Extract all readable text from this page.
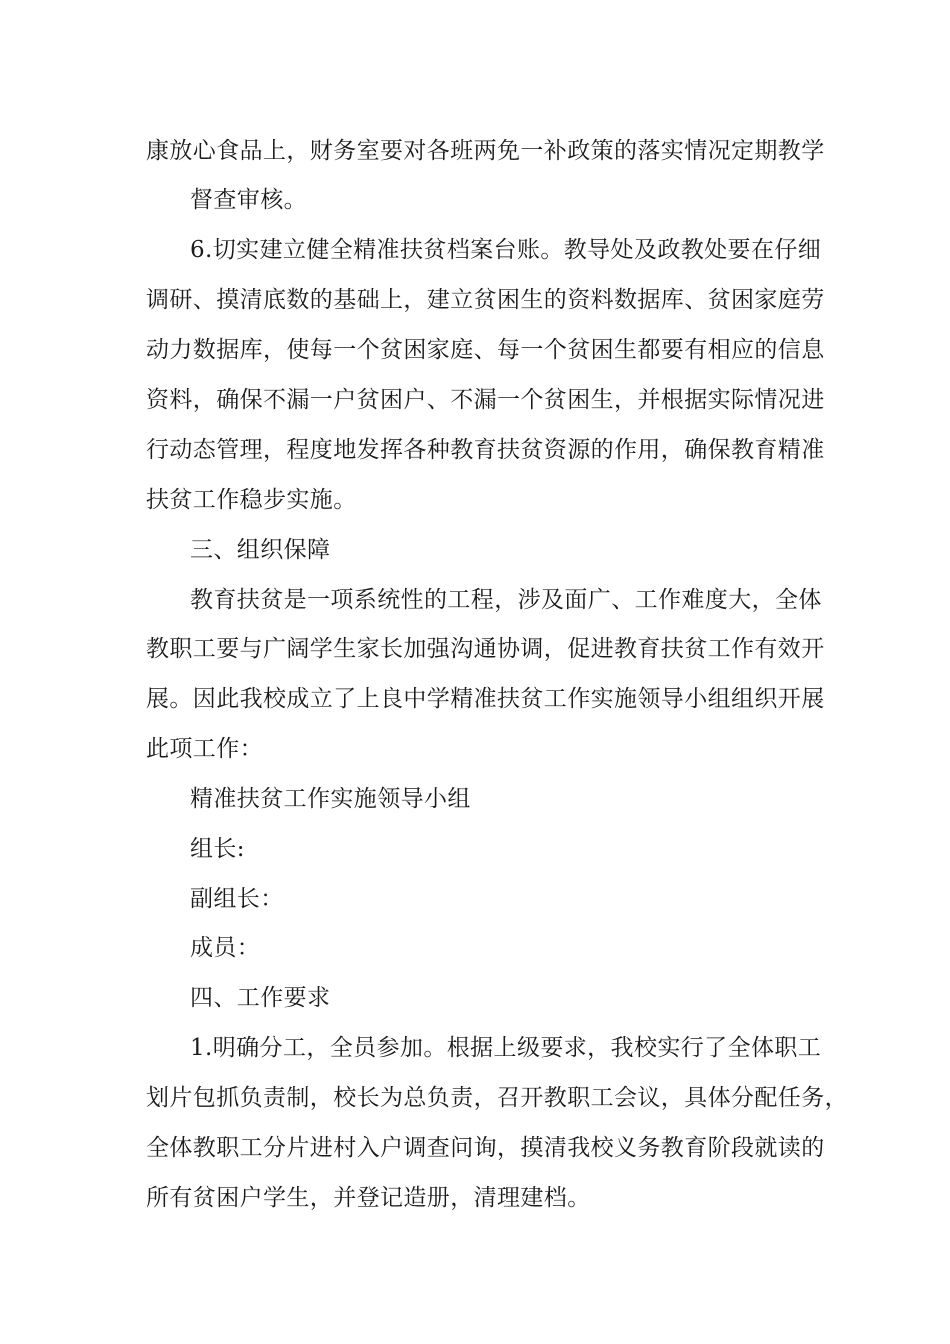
康放心食品上，财务室要对各班两免一补政策的落实情况定期教学
督查审核。
6.切实建立健全精准扶贫档案台账。教导处及政教处要在仔细
调研、摸清底数的基础上，建立贫困生的资料数据库、贫困家庭劳
动力数据库，使每一个贫困家庭、每一个贫困生都要有相应的信息
资料，确保不漏一户贫困户、不漏一个贫困生，并根据实际情况进
行动态管理，程度地发挥各种教育扶贫资源的作用，确保教育精准
扶贫工作稳步实施。
三、组织保障
教育扶贫是一项系统性的工程，涉及面广、工作难度大，全体
教职工要与广阔学生家长加强沟通协调，促进教育扶贫工作有效开
展。因此我校成立了上良中学精准扶贫工作实施领导小组组织开展
此项工作：
精准扶贫工作实施领导小组
组长:
副组长：
成员：
四、工作要求
1.明确分工，全员参加。根据上级要求，我校实行了全体职工
划片包抓负责制，校长为总负责，召开教职工会议，具体分配任务，
全体教职工分片进村入户调查问询，摸清我校义务教育阶段就读的
所有贫困户学生，并登记造册，清理建档。
